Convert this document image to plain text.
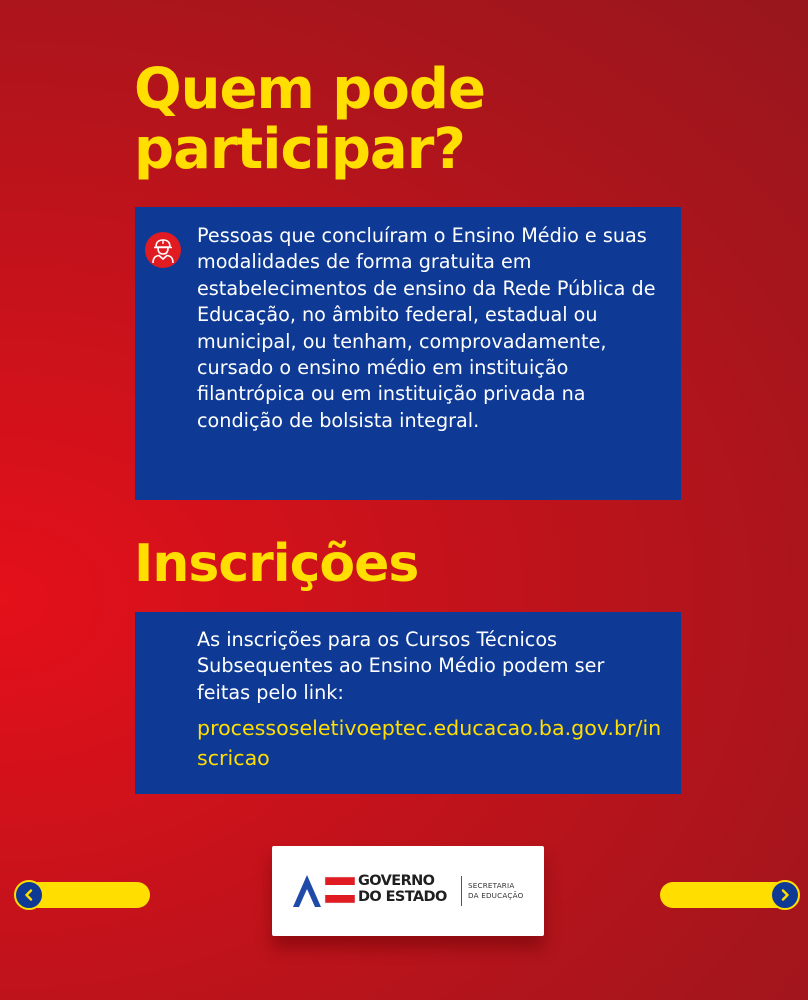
Quem pode participar?

Pessoas que concluíram o Ensino Médio e suas modalidades de forma gratuita em estabelecimentos de ensino da Rede Pública de Educação, no âmbito federal, estadual ou municipal, ou tenham, comprovadamente, cursado o ensino médio em instituição filantrópica ou em instituição privada na condição de bolsista integral.

Inscrições

As inscrições para os Cursos Técnicos Subsequentes ao Ensino Médio podem ser feitas pelo link:

processoseletivoeptec.educacao.ba.gov.br/inscricao

GOVERNO
DO ESTADO

SECRETARIA
DA EDUCAÇÃO
